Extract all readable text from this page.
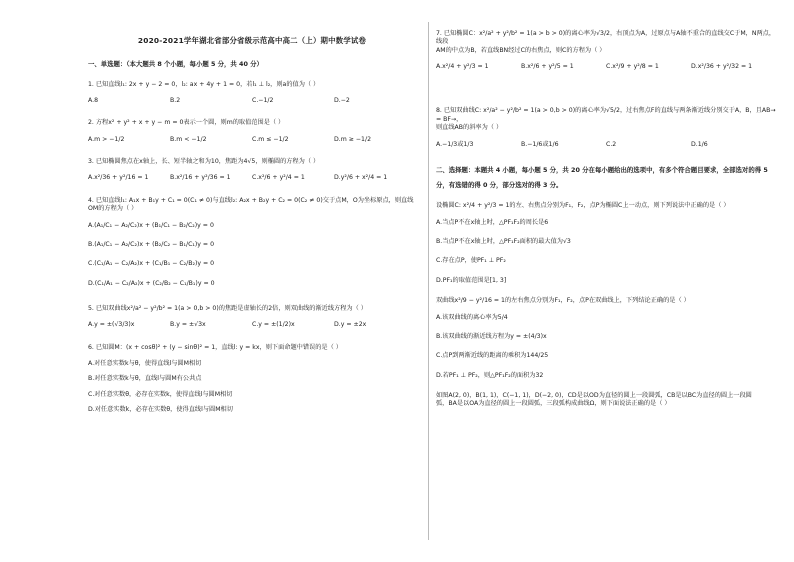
2020-2021学年湖北省部分省级示范高中高二（上）期中数学试卷
一、单选题：（本大题共 8 个小题，每小题 5 分，共 40 分）
1. 已知直线l₁: 2x + y − 2 = 0，l₂: ax + 4y + 1 = 0，若l₁ ⊥ l₂，则a的值为（ ）
A.8	B.2	C.−1/2	D.−2
2. 方程x² + y² + x + y − m = 0表示一个圆，则m的取值范围是（ ）
A.m > −1/2	B.m < −1/2	C.m ≤ −1/2	D.m ≥ −1/2
3. 已知椭圆焦点在x轴上，长、短半轴之和为10，焦距为4√5，则椭圆的方程为（ ）
A.x²/36 + y²/16 = 1	B.x²/16 + y²/36 = 1	C.x²/6 + y²/4 = 1	D.y²/6 + x²/4 = 1
4. 已知直线l₁: A₁x + B₁y + C₁ = 0(C₁ ≠ 0)与直线l₂: A₂x + B₂y + C₂ = 0(C₂ ≠ 0)交于点M，O为坐标原点，则直线OM的方程为（ ）
A.(A₁/C₁ − A₂/C₂)x + (B₁/C₁ − B₂/C₂)y = 0
B.(A₁/C₁ − A₂/C₂)x + (B₂/C₂ − B₁/C₁)y = 0
C.(C₁/A₁ − C₂/A₂)x + (C₁/B₁ − C₂/B₂)y = 0
D.(C₁/A₁ − C₂/A₂)x + (C₂/B₂ − C₁/B₁)y = 0
5. 已知双曲线x²/a² − y²/b² = 1(a > 0,b > 0)的焦距是虚轴长的2倍，则双曲线的渐近线方程为（ ）
A.y = ±(√3/3)x	B.y = ±√3x	C.y = ±(1/2)x	D.y = ±2x
6. 已知圆M：(x + cosθ)² + (y − sinθ)² = 1，直线l: y = kx，则下面命题中错误的是（ ）
A.对任意实数k与θ，使得直线l与圆M相切
B.对任意实数k与θ，直线l与圆M有公共点
C.对任意实数θ，必存在实数k，使得直线l与圆M相切
D.对任意实数k，必存在实数θ，使得直线l与圆M相切
7. 已知椭圆C：x²/a² + y²/b² = 1(a > b > 0)的离心率为√3/2，右顶点为A，过原点与A轴不重合的直线交C于M，N两点，线段
AM的中点为B，若直线BN经过C的右焦点，则C的方程为（ ）
A.x²/4 + y²/3 = 1	B.x²/6 + y²/5 = 1	C.x²/9 + y²/8 = 1	D.x²/36 + y²/32 = 1
8. 已知双曲线C: x²/a² − y²/b² = 1(a > 0,b > 0)的离心率为√5/2，过右焦点F的直线与两条渐近线分别交于A，B，且AB→ = BF→，
则直线AB的斜率为（ ）
A.−1/3或1/3	B.−1/6或1/6	C.2	D.1/6
二、选择题：本题共 4 小题，每小题 5 分，共 20 分在每小题给出的选项中，有多个符合题目要求，全部选对的得 5 分，有选错的得 0 分，部分选对的得 3 分。
设椭圆C: x²/4 + y²/3 = 1的左、右焦点分别为F₁，F₂，点P为椭圆C上一动点，则下列说法中正确的是（ ）
A.当点P不在x轴上时，△PF₁F₂的周长是6
B.当点P不在x轴上时，△PF₁F₂面积的最大值为√3
C.存在点P，使PF₁ ⊥ PF₂
D.PF₁的取值范围是[1, 3]
双曲线x²/9 − y²/16 = 1的左右焦点分别为F₁，F₂，点P在双曲线上，下列结论正确的是（ ）
A.该双曲线的离心率为5/4
B.该双曲线的渐近线方程为y = ±(4/3)x
C.点P到两渐近线的距离的乘积为144/25
D.若PF₁ ⊥ PF₂，则△PF₁F₂的面积为32
如图A(2, 0)，B(1, 1)，C(−1, 1)，D(−2, 0)，CD是以OD为直径的圆上一段圆弧，CB是以BC为直径的圆上一段圆
弧，BA是以OA为直径的圆上一段圆弧，三段弧构成曲线Ω，则下面说法正确的是（ ）
